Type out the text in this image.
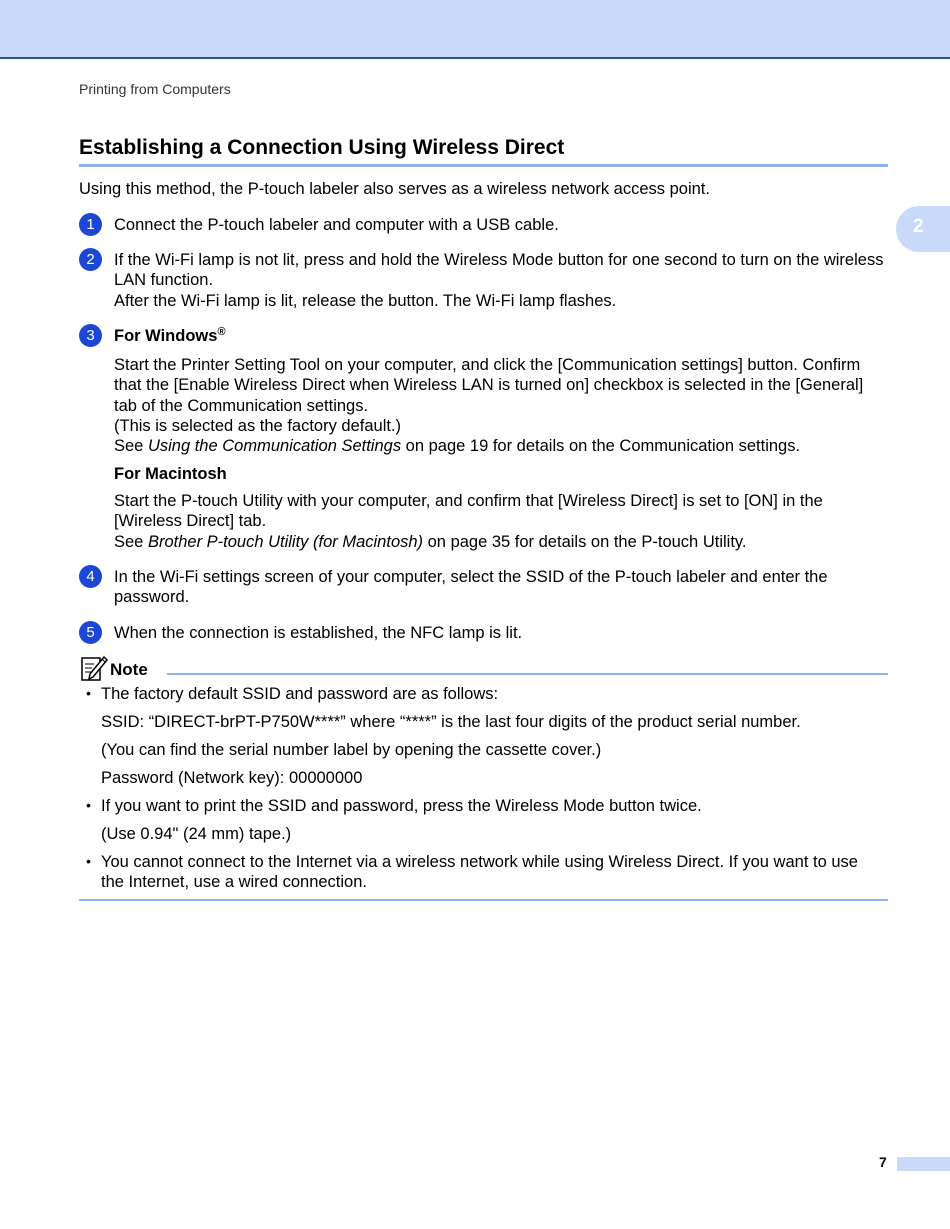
Printing from Computers
2
Establishing a Connection Using Wireless Direct
Using this method, the P-touch labeler also serves as a wireless network access point.
1	Connect the P-touch labeler and computer with a USB cable.
2	If the Wi-Fi lamp is not lit, press and hold the Wireless Mode button for one second to turn on the wireless
LAN function.
After the Wi-Fi lamp is lit, release the button. The Wi-Fi lamp flashes.
3	For Windows®
Start the Printer Setting Tool on your computer, and click the [Communication settings] button. Confirm
that the [Enable Wireless Direct when Wireless LAN is turned on] checkbox is selected in the [General]
tab of the Communication settings.
(This is selected as the factory default.)
See Using the Communication Settings on page 19 for details on the Communication settings.
For Macintosh
Start the P-touch Utility with your computer, and confirm that [Wireless Direct] is set to [ON] in the
[Wireless Direct] tab.
See Brother P-touch Utility (for Macintosh) on page 35 for details on the P-touch Utility.
4	In the Wi-Fi settings screen of your computer, select the SSID of the P-touch labeler and enter the
password.
5	When the connection is established, the NFC lamp is lit.
Note
• The factory default SSID and password are as follows:
SSID: “DIRECT-brPT-P750W****” where “****” is the last four digits of the product serial number.
(You can find the serial number label by opening the cassette cover.)
Password (Network key): 00000000
• If you want to print the SSID and password, press the Wireless Mode button twice.
(Use 0.94" (24 mm) tape.)
• You cannot connect to the Internet via a wireless network while using Wireless Direct. If you want to use
the Internet, use a wired connection.
7
